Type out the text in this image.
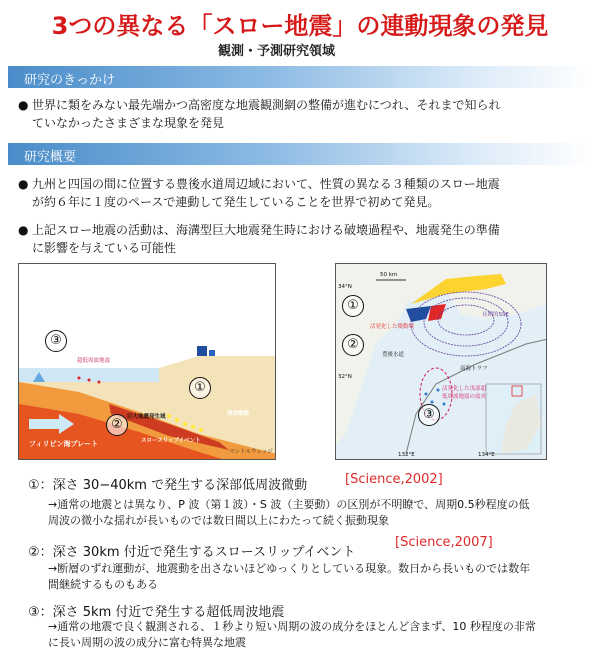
3つの異なる「スロー地震」の連動現象の発見
観測・予測研究領域
研究のきっかけ
● 世界に類をみない最先端かつ高密度な地震観測網の整備が進むにつれ、それまで知られ
ていなかったさまざまな現象を発見
研究概要
● 九州と四国の間に位置する豊後水道周辺域において、性質の異なる３種類のスロー地震
が約６年に１度のペースで連動して発生していることを世界で初めて発見。
● 上記スロー地震の活動は、海溝型巨大地震発生時における破壊過程や、地震発生の準備
に影響を与えている可能性
③
①
②
超低周波地震
深部微動
巨大地震発生域
スロースリップイベント
フィリピン海プレート
マントルウェッジ
34°N
32°N
132°E	134°E
50 km
①
②
③
活発化した微動域
長期的SSE
南海トラフ
豊後水道
活発化した浅部超低周波地震の震央
①：深さ 30−40km で発生する深部低周波微動	[Science,2002]
→通常の地震とは異なり、P 波（第１波）・S 波（主要動）の区別が不明瞭で、周期0.5秒程度の低
周波の微小な揺れが長いものでは数日間以上にわたって続く振動現象
②：深さ 30km 付近で発生するスロースリップイベント
[Science,2007]
→断層のずれ運動が、地震動を出さないほどゆっくりとしている現象。数日から長いものでは数年
間継続するものもある
③：深さ 5km 付近で発生する超低周波地震
→通常の地震で良く観測される、１秒より短い周期の波の成分をほとんど含まず、10 秒程度の非常
に長い周期の波の成分に富む特異な地震
